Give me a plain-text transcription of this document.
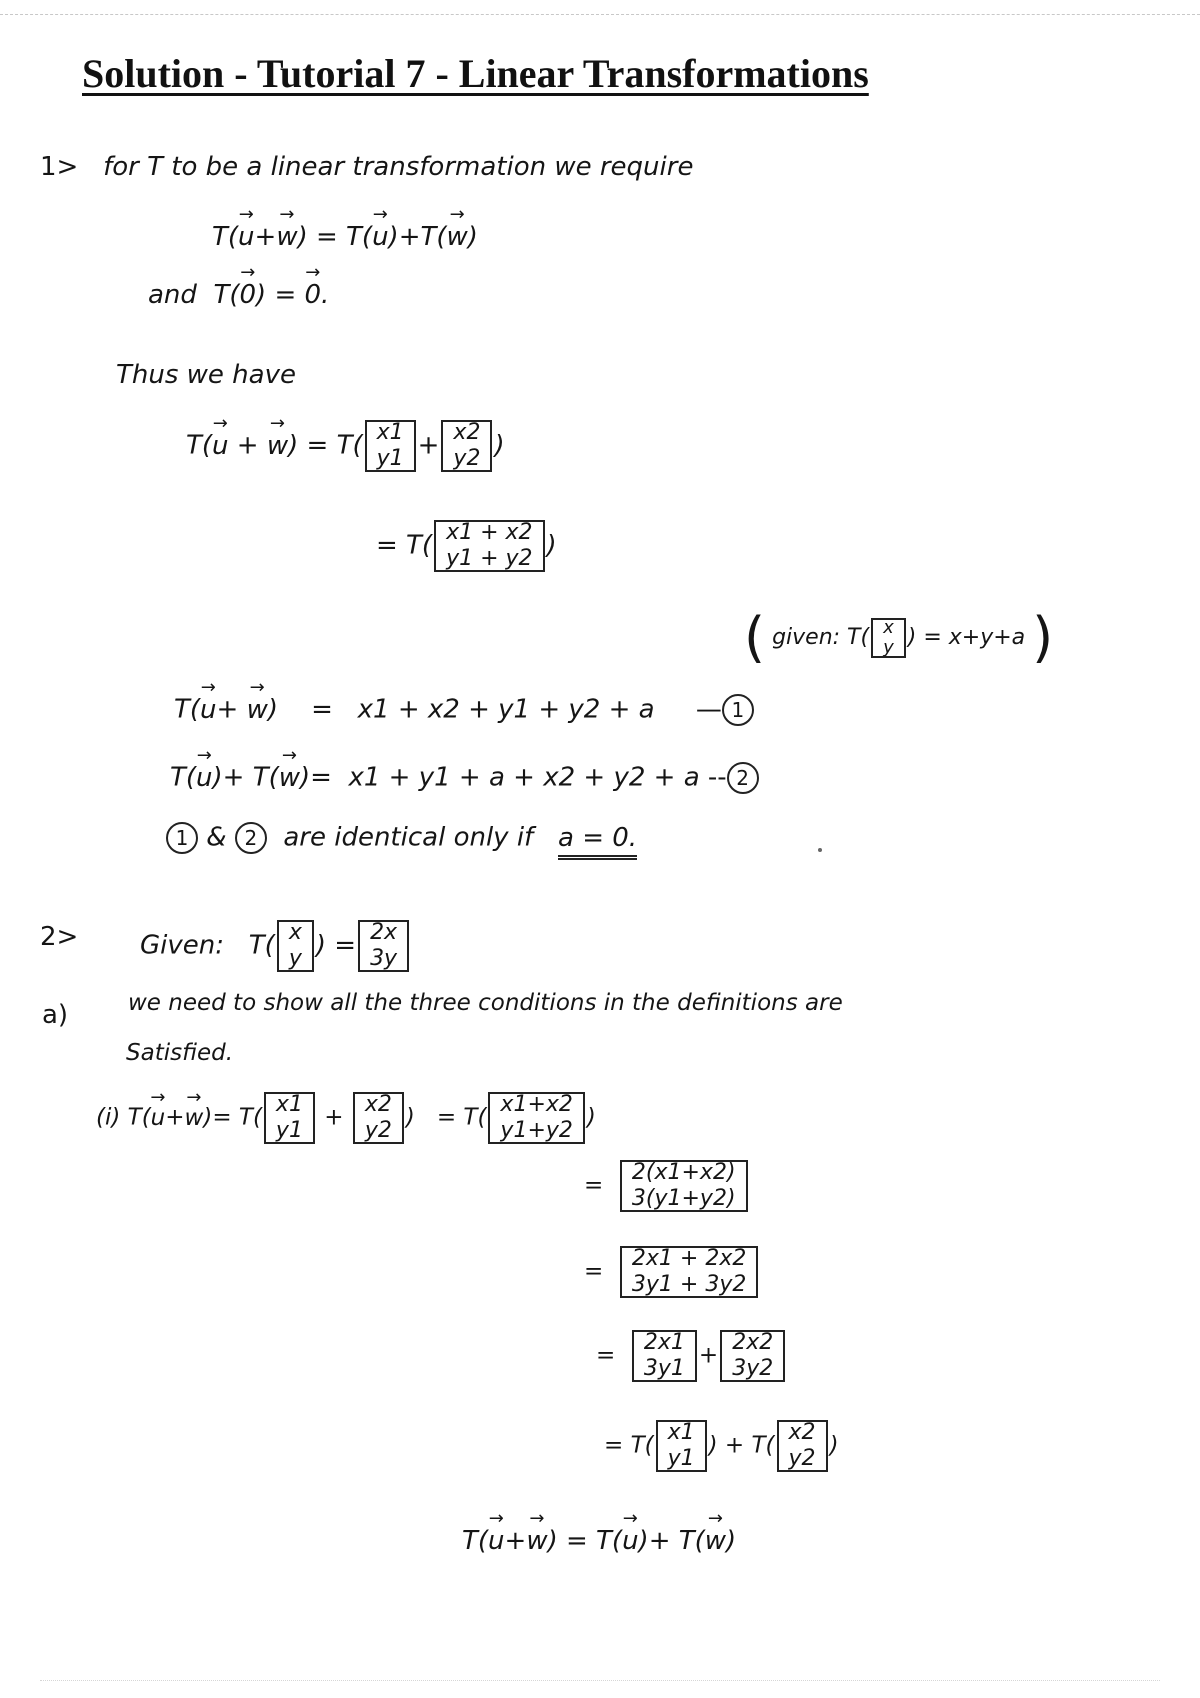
Solution - Tutorial 7 - Linear Transformations
1> for T to be a linear transformation we require
T(u →+w →) = T(u →)+T(w →)
and T(0 →) = 0 →.
Thus we have
T(u → + w →) = T( x1
y1 + x2
y2 )
= T( x1 + x2
y1 + y2 )
( given: T( x
y ) = x+y+a )
T(u →+ w →) = x1 + x2 + y1 + y2 + a — 1
T(u →)+ T(w →)= x1 + y1 + a + x2 + y2 + a -- 2
1 & 2 are identical only if a = 0.
2> Given: T( x
y ) = 2x
3y
a)	we need to show all the three conditions in the definitions are
Satisfied.
(i) T(u →+w →)= T( x1
y1 + x2
y2 ) = T( x1+x2
y1+y2 )
= 2(x1+x2)
3(y1+y2)
= 2x1 + 2x2
3y1 + 3y2
= 2x1
3y1 + 2x2
3y2
= T( x1
y1 ) + T( x2
y2 )
T(u →+w →) = T(u →)+ T(w →)
